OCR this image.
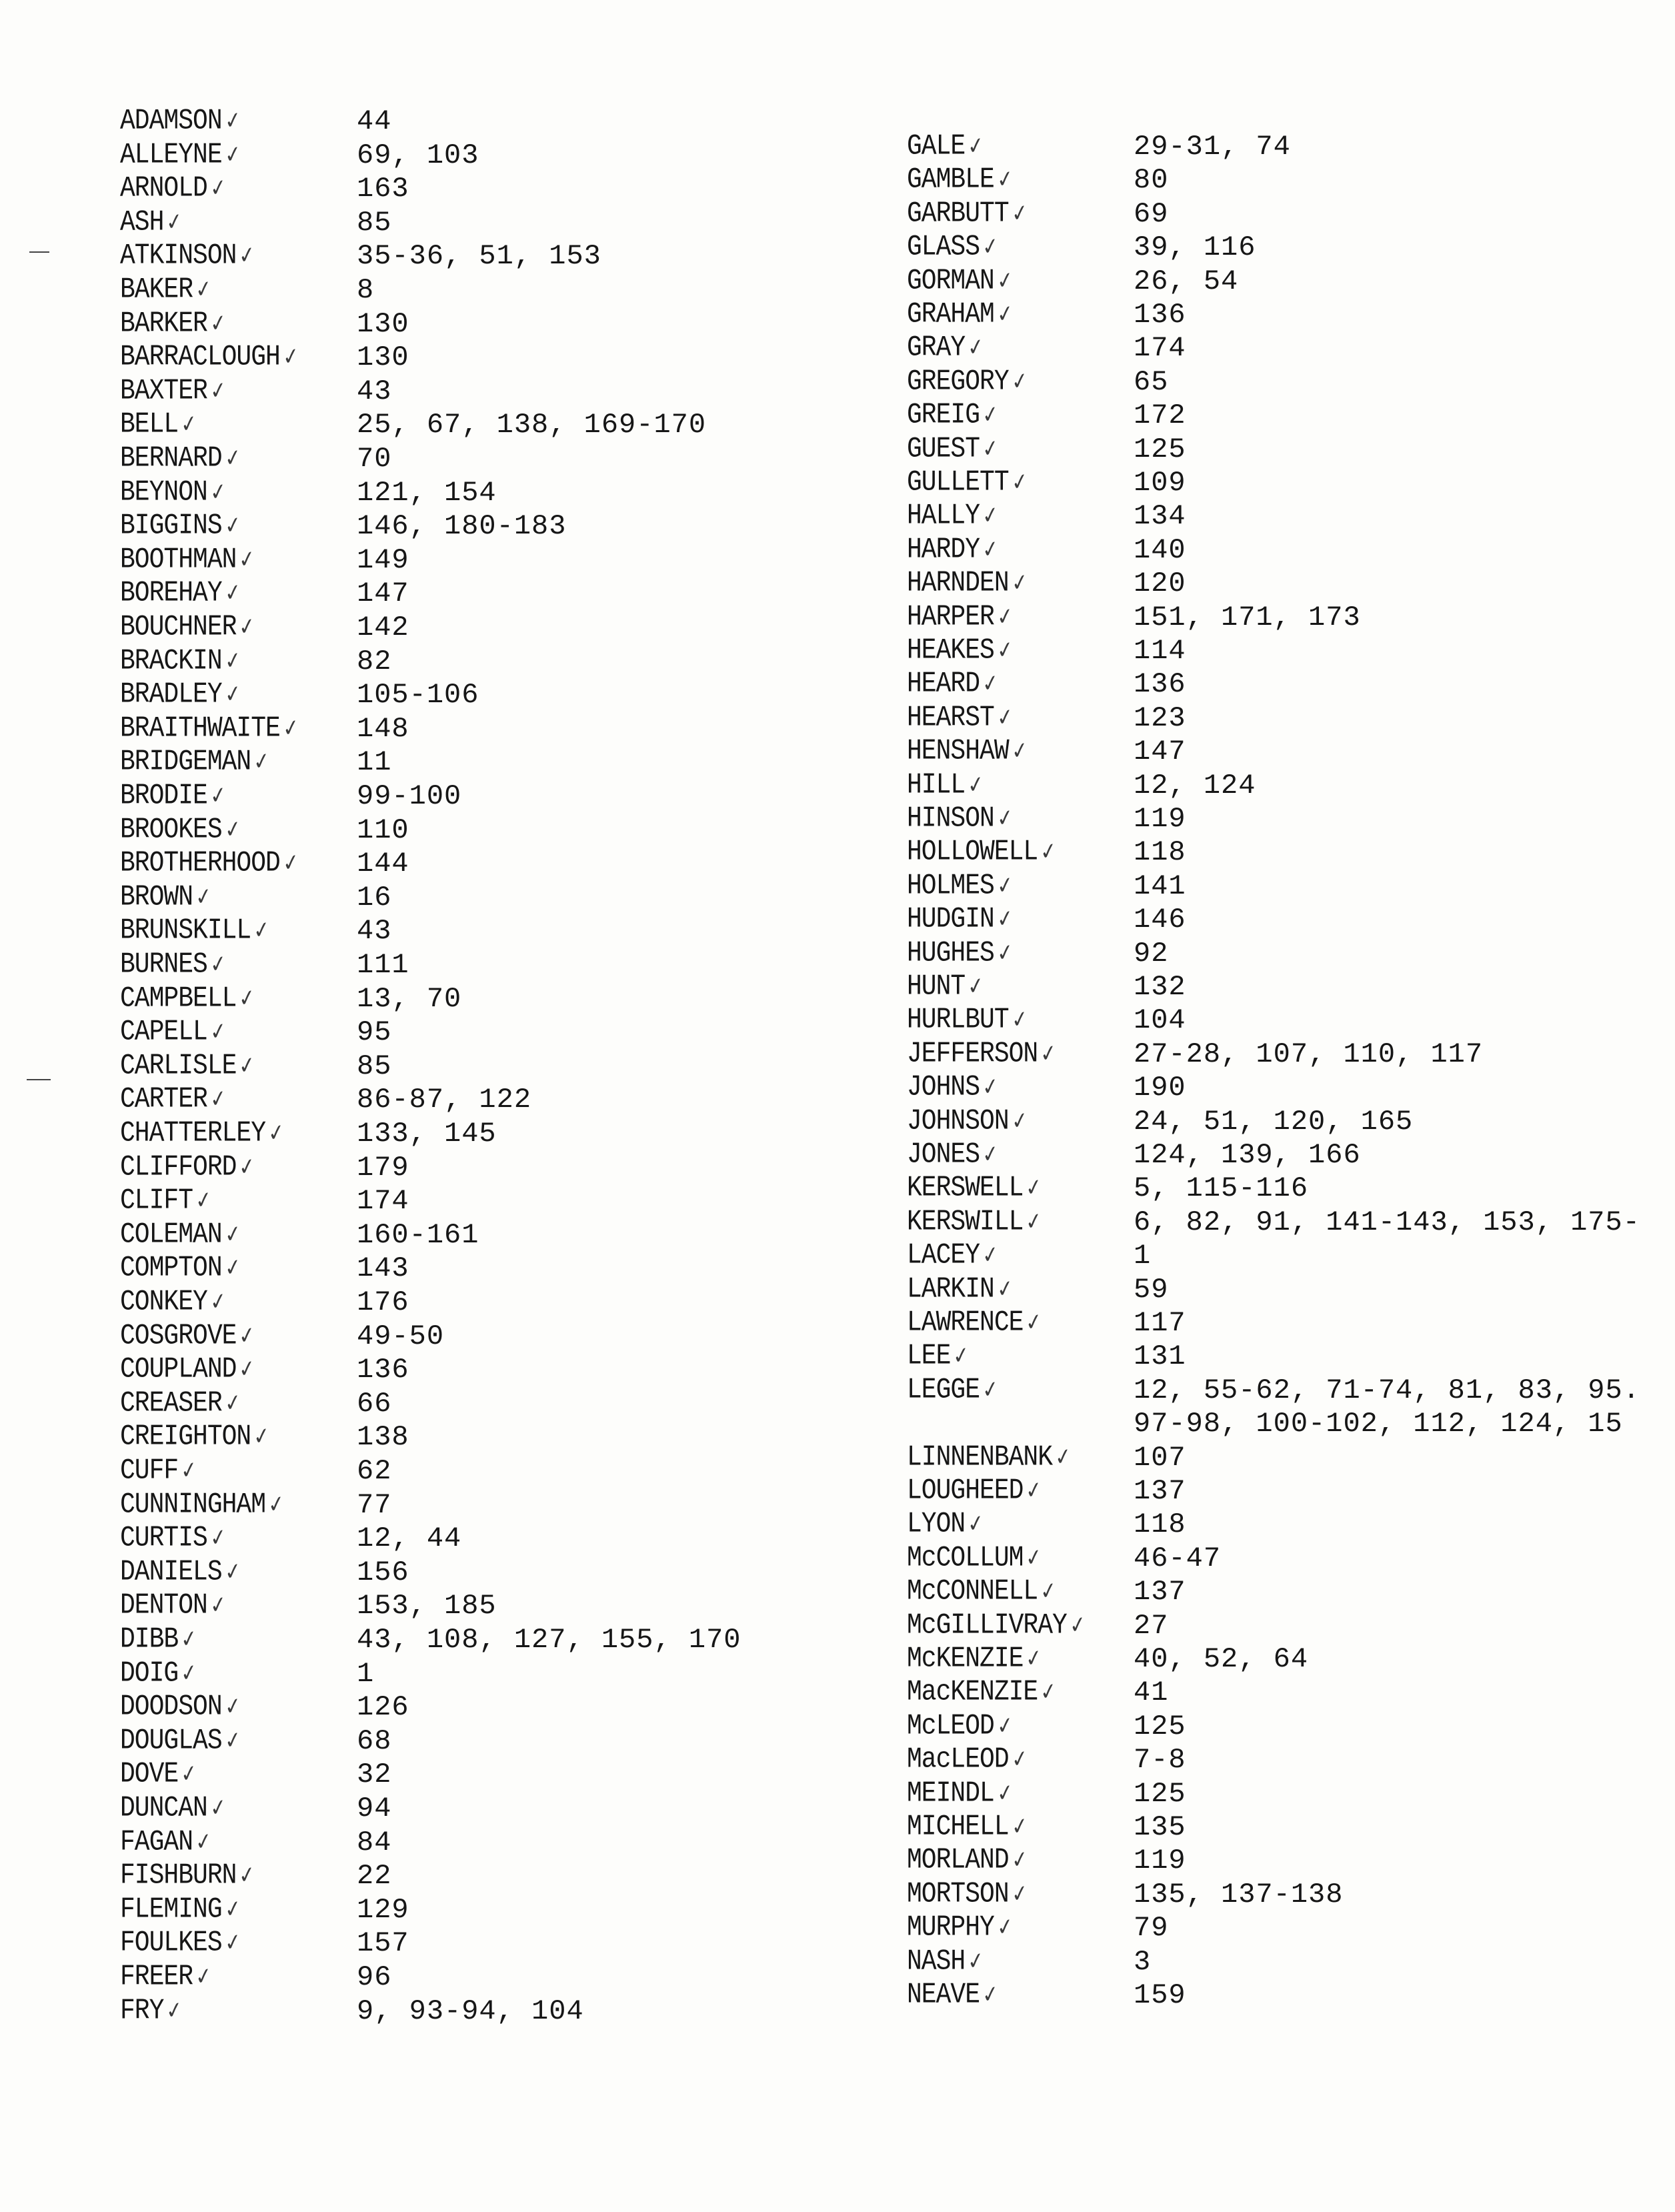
ADAMSON✓	44
ALLEYNE✓	69, 103
ARNOLD✓	163
ASH✓	85
ATKINSON✓	35-36, 51, 153
BAKER✓	8
BARKER✓	130
BARRACLOUGH✓ 130
BAXTER✓	43
BELL✓	25, 67, 138, 169-170
BERNARD✓	70
BEYNON✓	121, 154
BIGGINS✓	146, 180-183
BOOTHMAN✓	149
BOREHAY✓	147
BOUCHNER✓	142
BRACKIN✓	82
BRADLEY✓	105-106
BRAITHWAITE✓ 148
BRIDGEMAN✓	11
BRODIE✓	99-100
BROOKES✓	110
BROTHERHOOD✓ 144
BROWN✓	16
BRUNSKILL✓	43
BURNES✓	111
CAMPBELL✓	13, 70
CAPELL✓	95
CARLISLE✓	85
CARTER✓	86-87, 122
CHATTERLEY✓	133, 145
CLIFFORD✓	179
CLIFT✓	174
COLEMAN✓	160-161
COMPTON✓	143
CONKEY✓	176
COSGROVE✓	49-50
COUPLAND✓	136
CREASER✓	66
CREIGHTON✓	138
CUFF✓	62
CUNNINGHAM✓	77
CURTIS✓	12, 44
DANIELS✓	156
DENTON✓	153, 185
DIBB✓	43, 108, 127, 155, 170
DOIG✓	1
DOODSON✓	126
DOUGLAS✓	68
DOVE✓	32
DUNCAN✓	94
FAGAN✓	84
FISHBURN✓	22
FLEMING✓	129
FOULKES✓	157
FREER✓	96
FRY✓	9, 93-94, 104
GALE✓	29-31, 74
GAMBLE✓	80
GARBUTT✓	69
GLASS✓	39, 116
GORMAN✓	26, 54
GRAHAM✓	136
GRAY✓	174
GREGORY✓	65
GREIG✓	172
GUEST✓	125
GULLETT✓	109
HALLY✓	134
HARDY✓	140
HARNDEN✓	120
HARPER✓	151, 171, 173
HEAKES✓	114
HEARD✓	136
HEARST✓	123
HENSHAW✓	147
HILL✓	12, 124
HINSON✓	119
HOLLOWELL✓	118
HOLMES✓	141
HUDGIN✓	146
HUGHES✓	92
HUNT✓	132
HURLBUT✓	104
JEFFERSON✓	27-28, 107, 110, 117
JOHNS✓	190
JOHNSON✓	24, 51, 120, 165
JONES✓	124, 139, 166
KERSWELL✓	5, 115-116
KERSWILL✓	6, 82, 91, 141-143, 153, 175-
LACEY✓	1
LARKIN✓	59
LAWRENCE✓	117
LEE✓	131
LEGGE✓	12, 55-62, 71-74, 81, 83, 95.
97-98, 100-102, 112, 124, 15
LINNENBANK✓ 107
LOUGHEED✓	137
LYON✓	118
McCOLLUM✓	46-47
McCONNELL✓	137
McGILLIVRAY✓ 27
McKENZIE✓	40, 52, 64
MacKENZIE✓	41
McLEOD✓	125
MacLEOD✓	7-8
MEINDL✓	125
MICHELL✓	135
MORLAND✓	119
MORTSON✓	135, 137-138
MURPHY✓	79
NASH✓	3
NEAVE✓	159
